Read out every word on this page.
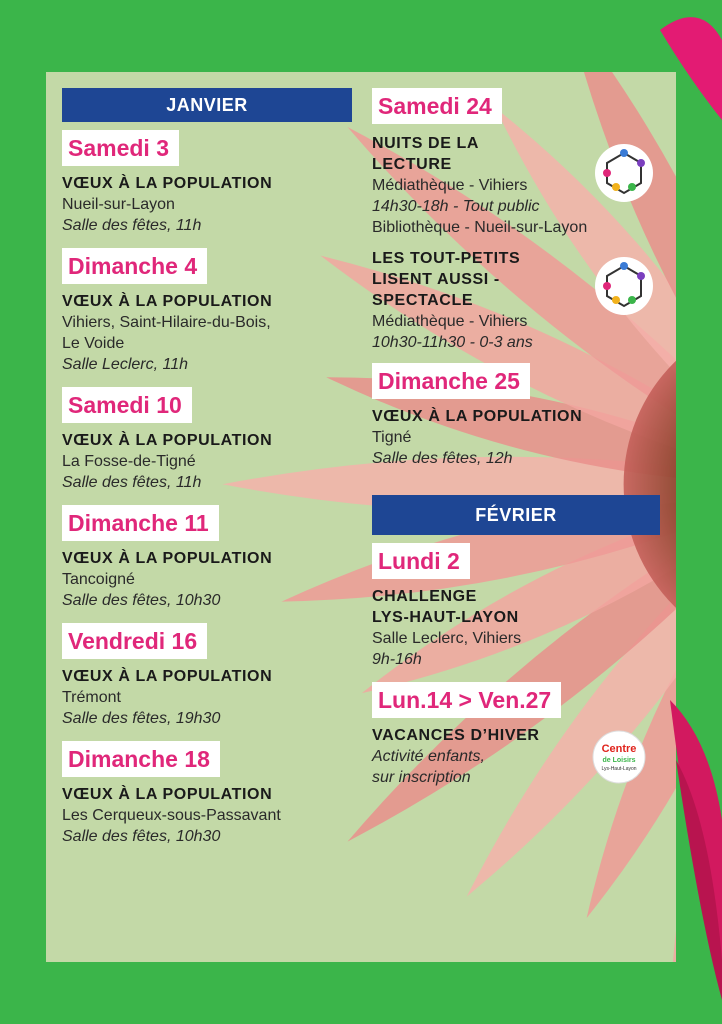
JANVIER
Samedi 3
VŒUX À LA POPULATION
Nueil-sur-Layon
Salle des fêtes, 11h
Dimanche 4
VŒUX À LA POPULATION
Vihiers, Saint-Hilaire-du-Bois,
Le Voide
Salle Leclerc, 11h
Samedi 10
VŒUX À LA POPULATION
La Fosse-de-Tigné
Salle des fêtes, 11h
Dimanche 11
VŒUX À LA POPULATION
Tancoigné
Salle des fêtes, 10h30
Vendredi 16
VŒUX À LA POPULATION
Trémont
Salle des fêtes, 19h30
Dimanche 18
VŒUX À LA POPULATION
Les Cerqueux-sous-Passavant
Salle des fêtes, 10h30
Samedi 24
NUITS DE LA
LECTURE
Médiathèque - Vihiers
14h30-18h - Tout public
Bibliothèque - Nueil-sur-Layon
LES TOUT-PETITS
LISENT AUSSI -
SPECTACLE
Médiathèque - Vihiers
10h30-11h30 - 0-3 ans
Dimanche 25
VŒUX À LA POPULATION
Tigné
Salle des fêtes, 12h
FÉVRIER
Lundi 2
CHALLENGE
LYS-HAUT-LAYON
Salle Leclerc, Vihiers
9h-16h
Lun.14 > Ven.27
VACANCES D’HIVER
Activité enfants,
sur inscription
Centre
de Loisirs
Lys-Haut-Layon
